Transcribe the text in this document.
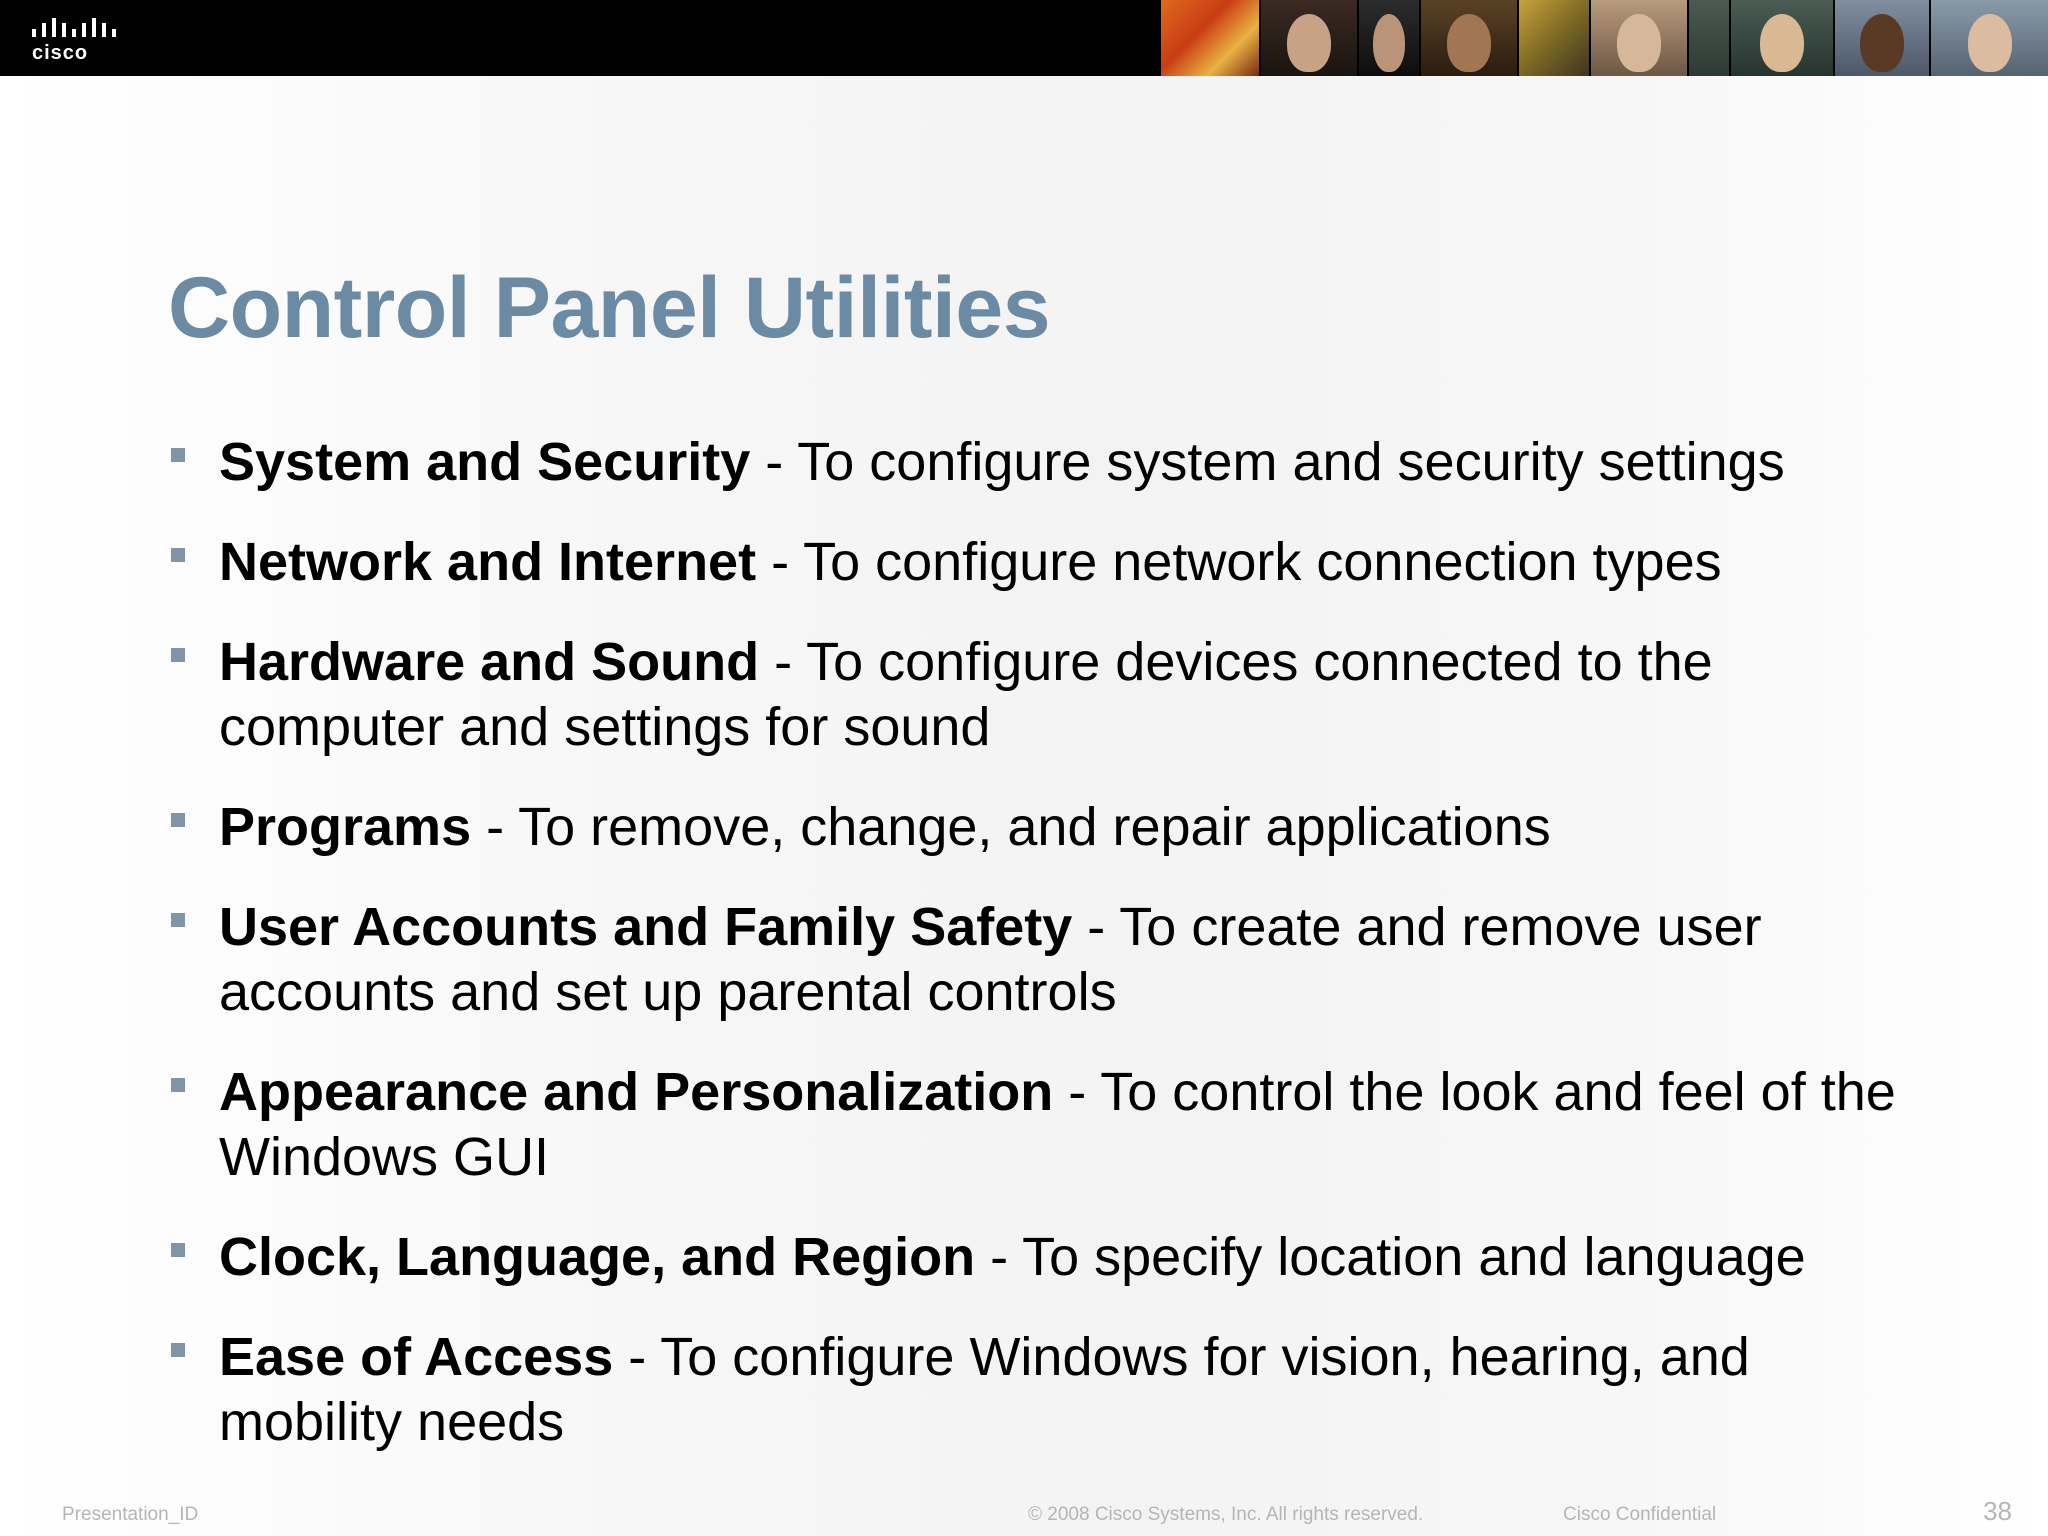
cisco
Control Panel Utilities
System and Security - To configure system and security settings
Network and Internet - To configure network connection types
Hardware and Sound - To configure devices connected to the computer and settings for sound
Programs - To remove, change, and repair applications
User Accounts and Family Safety - To create and remove user accounts and set up parental controls
Appearance and Personalization - To control the look and feel of the Windows GUI
Clock, Language, and Region - To specify location and language
Ease of Access - To configure Windows for vision, hearing, and mobility needs
Presentation_ID	© 2008 Cisco Systems, Inc. All rights reserved.	Cisco Confidential	38
